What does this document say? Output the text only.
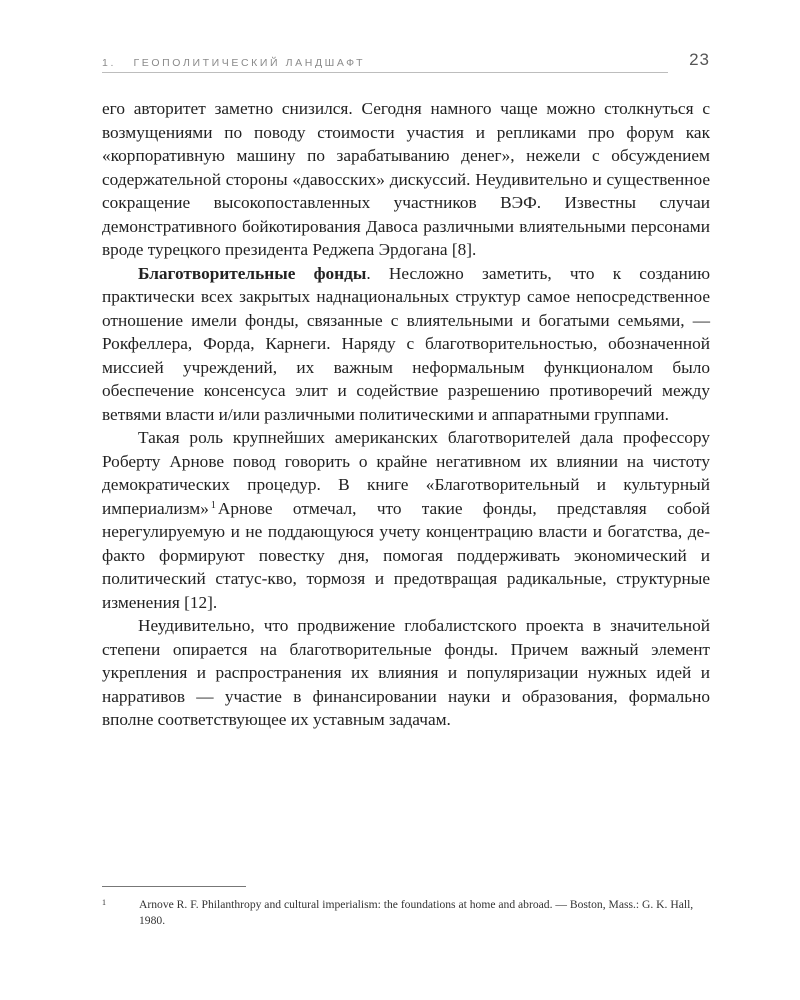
1. ГЕОПОЛИТИЧЕСКИЙ ЛАНДШАФТ	23

его авторитет заметно снизился. Сегодня намного чаще можно столкнуться с возмущениями по поводу стоимости участия и репликами про форум как «корпоративную машину по зарабатыванию денег», нежели с обсуждением содержательной стороны «давосских» дискуссий. Неудивительно и существенное сокращение высокопоставленных участников ВЭФ. Известны случаи демонстративного бойкотирования Давоса различными влиятельными персонами вроде турецкого президента Реджепа Эрдогана [8].

Благотворительные фонды. Несложно заметить, что к созданию практически всех закрытых наднациональных структур самое непосредственное отношение имели фонды, связанные с влиятельными и богатыми семьями, — Рокфеллера, Форда, Карнеги. Наряду с благотворительностью, обозначенной миссией учреждений, их важным неформальным функционалом было обеспечение консенсуса элит и содействие разрешению противоречий между ветвями власти и/или различными политическими и аппаратными группами.

Такая роль крупнейших американских благотворителей дала профессору Роберту Арнове повод говорить о крайне негативном их влиянии на чистоту демократических процедур. В книге «Благотворительный и культурный империализм» $^1$ Арнове отмечал, что такие фонды, представляя собой нерегулируемую и не поддающуюся учету концентрацию власти и богатства, де-факто формируют повестку дня, помогая поддерживать экономический и политический статус-кво, тормозя и предотвращая радикальные, структурные изменения [12].

Неудивительно, что продвижение глобалистского проекта в значительной степени опирается на благотворительные фонды. Причем важный элемент укрепления и распространения их влияния и популяризации нужных идей и нарративов — участие в финансировании науки и образования, формально вполне соответствующее их уставным задачам.

1	Arnove R. F. Philanthropy and cultural imperialism: the foundations at home and abroad. — Boston, Mass.: G. K. Hall, 1980.
